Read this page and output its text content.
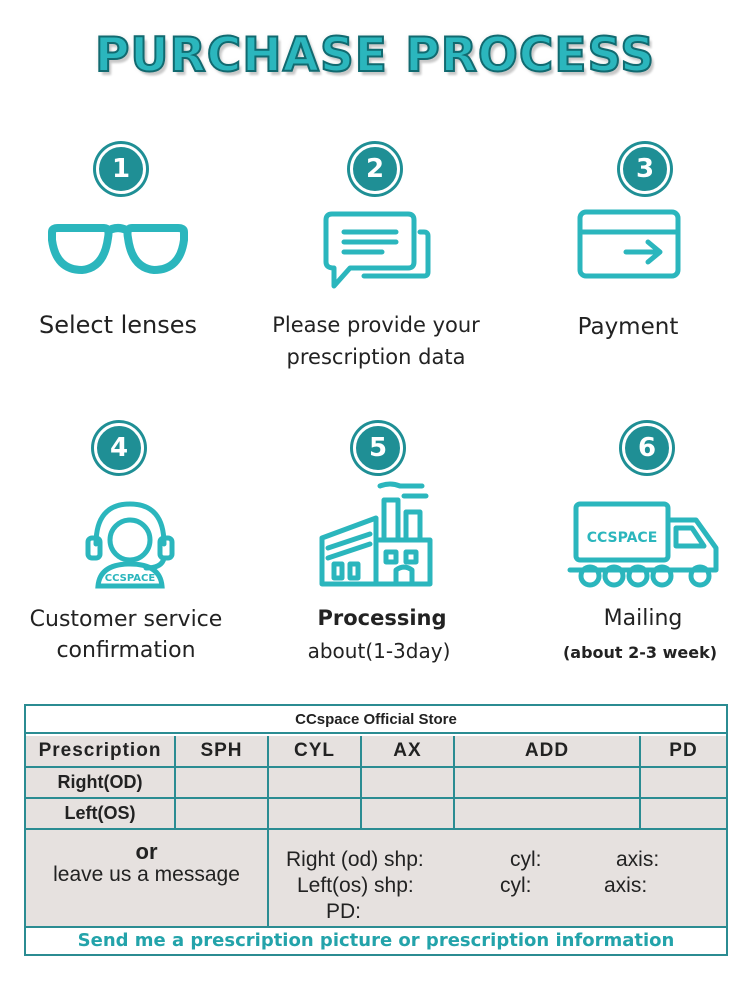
PURCHASE PROCESS
1
Select lenses
2
Please provide your
prescription data
3
Payment
4
CCSPACE
Customer service
confirmation
5
Processing
about(1-3day)
6
CCSPACE
Mailing
(about 2-3 week)
CCspace Official Store
Prescription	SPH	CYL	AX	ADD	PD
Right(OD)
Left(OS)
or
leave us a message
Right (od) shp:	cyl:	axis:
Left(os) shp:	cyl:	axis:
PD:
Send me a prescription picture or prescription information
